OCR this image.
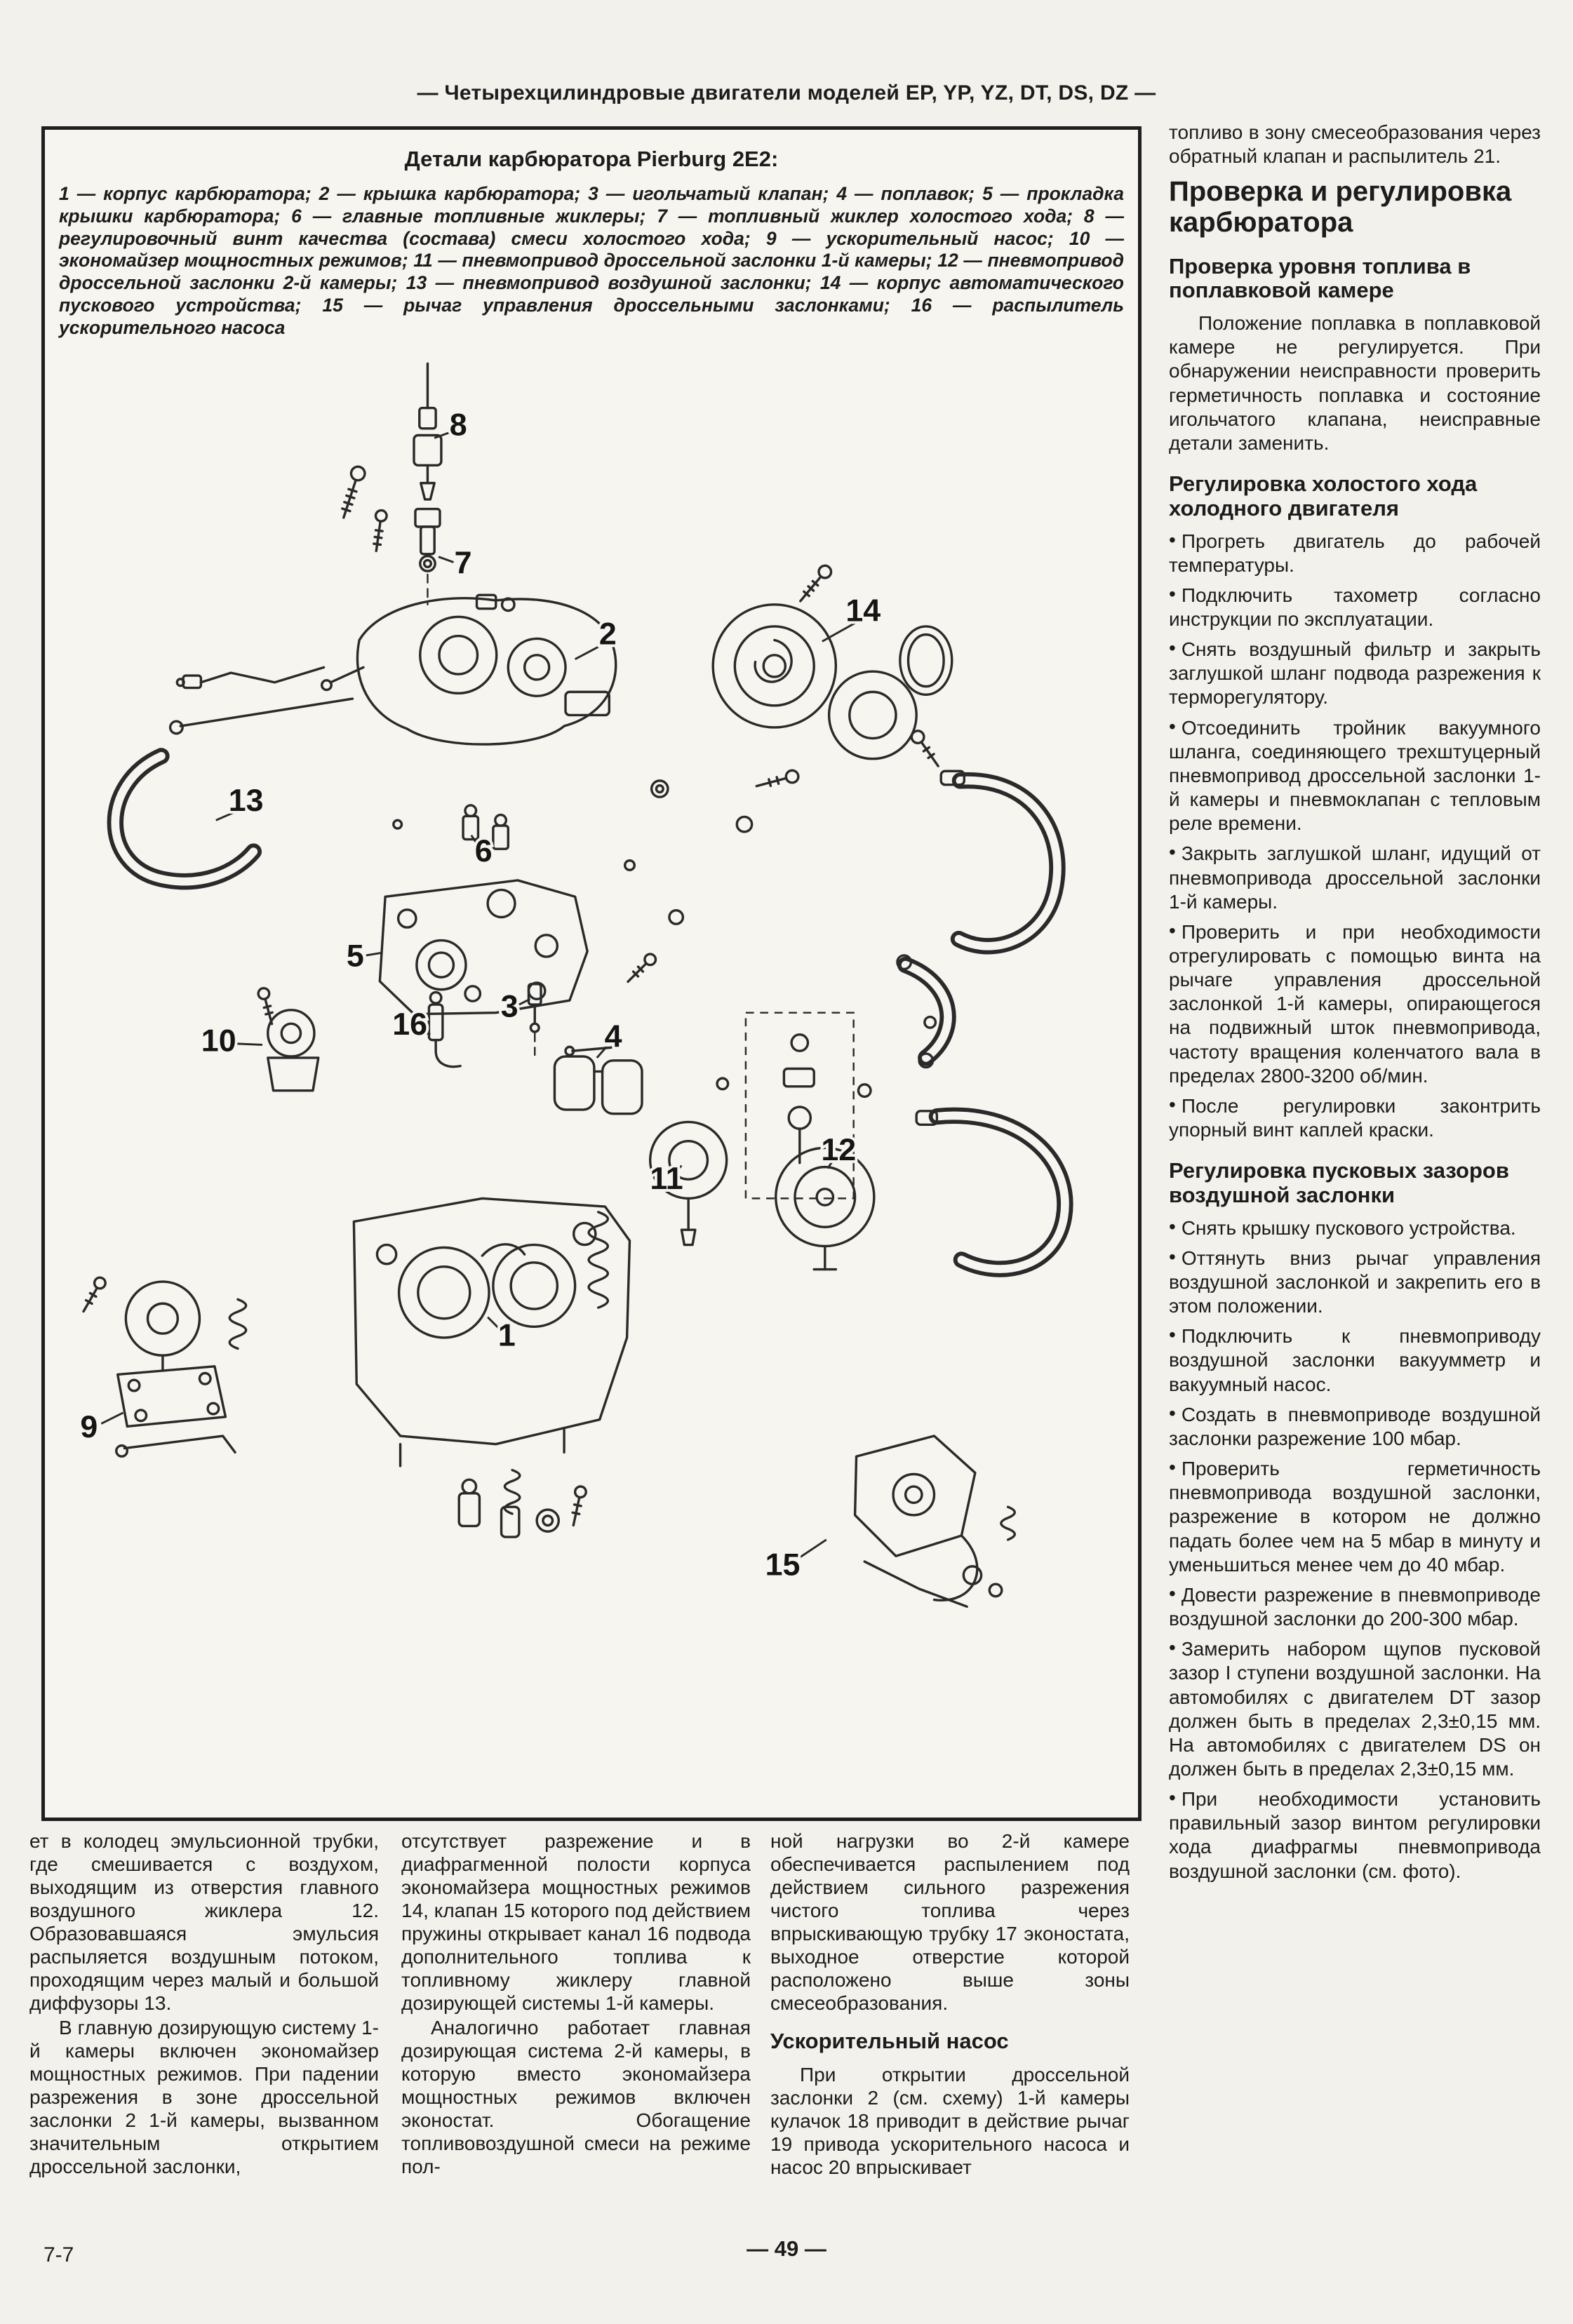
— Четырехцилиндровые двигатели моделей EP, YP, YZ, DT, DS, DZ —
Детали карбюратора Pierburg 2E2:
1 — корпус карбюратора; 2 — крышка карбюратора; 3 — игольчатый клапан; 4 — поплавок; 5 — прокладка крышки карбюратора; 6 — главные топливные жиклеры; 7 — топливный жиклер холостого хода; 8 — регулировочный винт качества (состава) смеси холостого хода; 9 — ускорительный насос; 10 — экономайзер мощностных режимов; 11 — пневмопривод дроссельной заслонки 1-й камеры; 12 — пневмопривод дроссельной заслонки 2-й камеры; 13 — пневмопривод воздушной заслонки; 14 — корпус автоматического пускового устройства; 15 — рычаг управления дроссельными заслонками; 16 — распылитель ускорительного насоса
8
7
2
14
13
6
5
3
16
10	4
11
12
1
9
15

топливо в зону смесеобразования через обратный клапан и распылитель 21.

Проверка и регулировка карбюратора
Проверка уровня топлива в поплавковой камере

Положение поплавка в поплавковой камере не регулируется. При обнаружении неисправности проверить герметичность поплавка и состояние игольчатого клапана, неисправные детали заменить.

Регулировка холостого хода холодного двигателя
• Прогреть двигатель до рабочей температуры.
• Подключить тахометр согласно инструкции по эксплуатации.
• Снять воздушный фильтр и закрыть заглушкой шланг подвода разрежения к терморегулятору.
• Отсоединить тройник вакуумного шланга, соединяющего трехштуцерный пневмопривод дроссельной заслонки 1-й камеры и пневмоклапан с тепловым реле времени.
• Закрыть заглушкой шланг, идущий от пневмопривода дроссельной заслонки 1-й камеры.
• Проверить и при необходимости отрегулировать с помощью винта на рычаге управления дроссельной заслонкой 1-й камеры, опирающегося на подвижный шток пневмопривода, частоту вращения коленчатого вала в пределах 2800-3200 об/мин.
• После регулировки законтрить упорный винт каплей краски.
Регулировка пусковых зазоров воздушной заслонки
• Снять крышку пускового устройства.
• Оттянуть вниз рычаг управления воздушной заслонкой и закрепить его в этом положении.
• Подключить к пневмоприводу воздушной заслонки вакуумметр и вакуумный насос.
• Создать в пневмоприводе воздушной заслонки разрежение 100 мбар.
• Проверить герметичность пневмопривода воздушной заслонки, разрежение в котором не должно падать более чем на 5 мбар в минуту и уменьшиться менее чем до 40 мбар.
• Довести разрежение в пневмоприводе воздушной заслонки до 200-300 мбар.
• Замерить набором щупов пусковой зазор I ступени воздушной заслонки. На автомобилях с двигателем DT зазор должен быть в пределах 2,3±0,15 мм. На автомобилях с двигателем DS он должен быть в пределах 2,3±0,15 мм.
• При необходимости установить правильный зазор винтом регулировки хода диафрагмы пневмопривода воздушной заслонки (см. фото).

ет в колодец эмульсионной трубки, где смешивается с воздухом, выходящим из отверстия главного воздушного жиклера 12. Образовавшаяся эмульсия распыляется воздушным потоком, проходящим через малый и большой диффузоры 13.

В главную дозирующую систему 1-й камеры включен экономайзер мощностных режимов. При падении разрежения в зоне дроссельной заслонки 2 1-й камеры, вызванном значительным открытием дроссельной заслонки,

отсутствует разрежение и в диафрагменной полости корпуса экономайзера мощностных режимов 14, клапан 15 которого под действием пружины открывает канал 16 подвода дополнительного топлива к топливному жиклеру главной дозирующей системы 1-й камеры.

Аналогично работает главная дозирующая система 2-й камеры, в которую вместо экономайзера мощностных режимов включен эконостат. Обогащение топливовоздушной смеси на режиме пол-

ной нагрузки во 2-й камере обеспечивается распылением под действием сильного разрежения чистого топлива через впрыскивающую трубку 17 эконостата, выходное отверстие которой расположено выше зоны смесеобразования.

Ускорительный насос

При открытии дроссельной заслонки 2 (см. схему) 1-й камеры кулачок 18 приводит в действие рычаг 19 привода ускорительного насоса и насос 20 впрыскивает

7-7	— 49 —
